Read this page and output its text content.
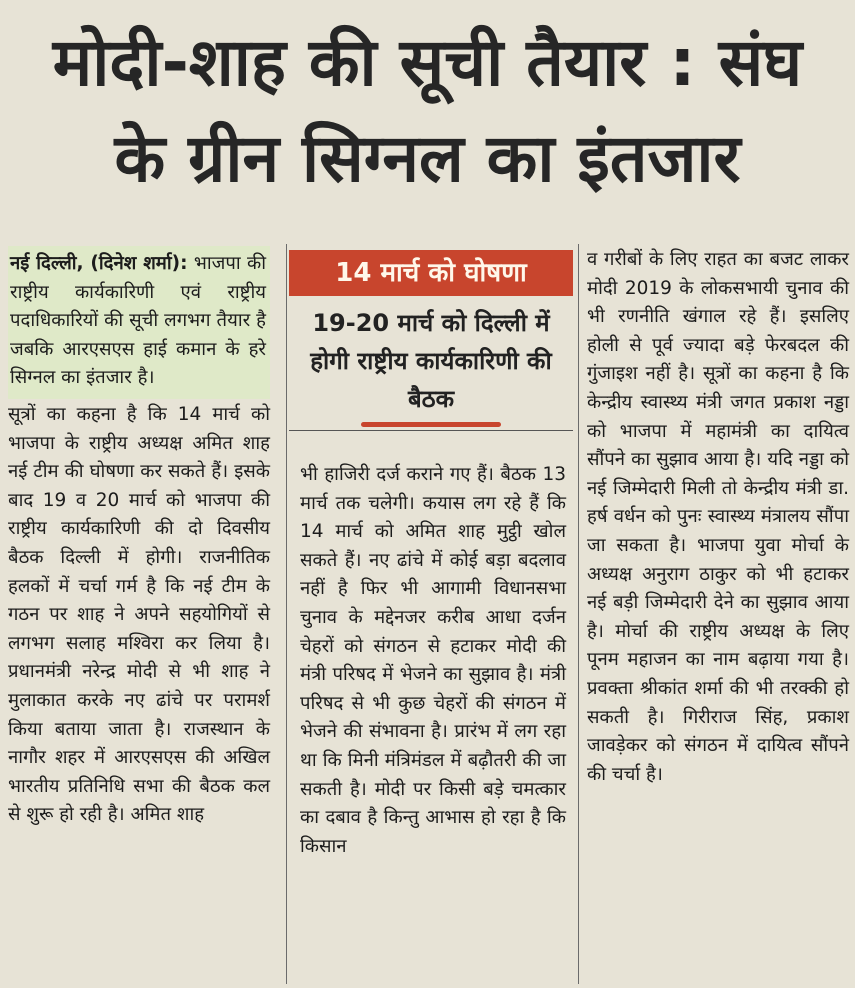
मोदी-शाह की सूची तैयार : संघ
के ग्रीन सिग्नल का इंतजार
नई दिल्ली, (दिनेश शर्मा): भाजपा की राष्ट्रीय कार्यकारिणी एवं राष्ट्रीय पदाधिकारियों की सूची लगभग तैयार है जबकि आरएसएस हाई कमान के हरे सिग्नल का इंतजार है।

सूत्रों का कहना है कि 14 मार्च को भाजपा के राष्ट्रीय अध्यक्ष अमित शाह नई टीम की घोषणा कर सकते हैं। इसके बाद 19 व 20 मार्च को भाजपा की राष्ट्रीय कार्यकारिणी की दो दिवसीय बैठक दिल्ली में होगी। राजनीतिक हलकों में चर्चा गर्म है कि नई टीम के गठन पर शाह ने अपने सहयोगियों से लगभग सलाह मश्विरा कर लिया है। प्रधानमंत्री नरेन्द्र मोदी से भी शाह ने मुलाकात करके नए ढांचे पर परामर्श किया बताया जाता है। राजस्थान के नागौर शहर में आरएसएस की अखिल भारतीय प्रतिनिधि सभा की बैठक कल से शुरू हो रही है। अमित शाह

14 मार्च को घोषणा
19-20 मार्च को दिल्ली में होगी राष्ट्रीय कार्यकारिणी की बैठक

भी हाजिरी दर्ज कराने गए हैं। बैठक 13 मार्च तक चलेगी। कयास लग रहे हैं कि 14 मार्च को अमित शाह मुट्ठी खोल सकते हैं। नए ढांचे में कोई बड़ा बदलाव नहीं है फिर भी आगामी विधानसभा चुनाव के मद्देनजर करीब आधा दर्जन चेहरों को संगठन से हटाकर मोदी की मंत्री परिषद में भेजने का सुझाव है। मंत्री परिषद से भी कुछ चेहरों की संगठन में भेजने की संभावना है। प्रारंभ में लग रहा था कि मिनी मंत्रिमंडल में बढ़ौतरी की जा सकती है। मोदी पर किसी बड़े चमत्कार का दबाव है किन्तु आभास हो रहा है कि किसान

व गरीबों के लिए राहत का बजट लाकर मोदी 2019 के लोकसभायी चुनाव की भी रणनीति खंगाल रहे हैं। इसलिए होली से पूर्व ज्यादा बड़े फेरबदल की गुंजाइश नहीं है। सूत्रों का कहना है कि केन्द्रीय स्वास्थ्य मंत्री जगत प्रकाश नड्डा को भाजपा में महामंत्री का दायित्व सौंपने का सुझाव आया है। यदि नड्डा को नई जिम्मेदारी मिली तो केन्द्रीय मंत्री डा. हर्ष वर्धन को पुनः स्वास्थ्य मंत्रालय सौंपा जा सकता है। भाजपा युवा मोर्चा के अध्यक्ष अनुराग ठाकुर को भी हटाकर नई बड़ी जिम्मेदारी देने का सुझाव आया है। मोर्चा की राष्ट्रीय अध्यक्ष के लिए पूनम महाजन का नाम बढ़ाया गया है। प्रवक्ता श्रीकांत शर्मा की भी तरक्की हो सकती है। गिरीराज सिंह, प्रकाश जावड़ेकर को संगठन में दायित्व सौंपने की चर्चा है।
